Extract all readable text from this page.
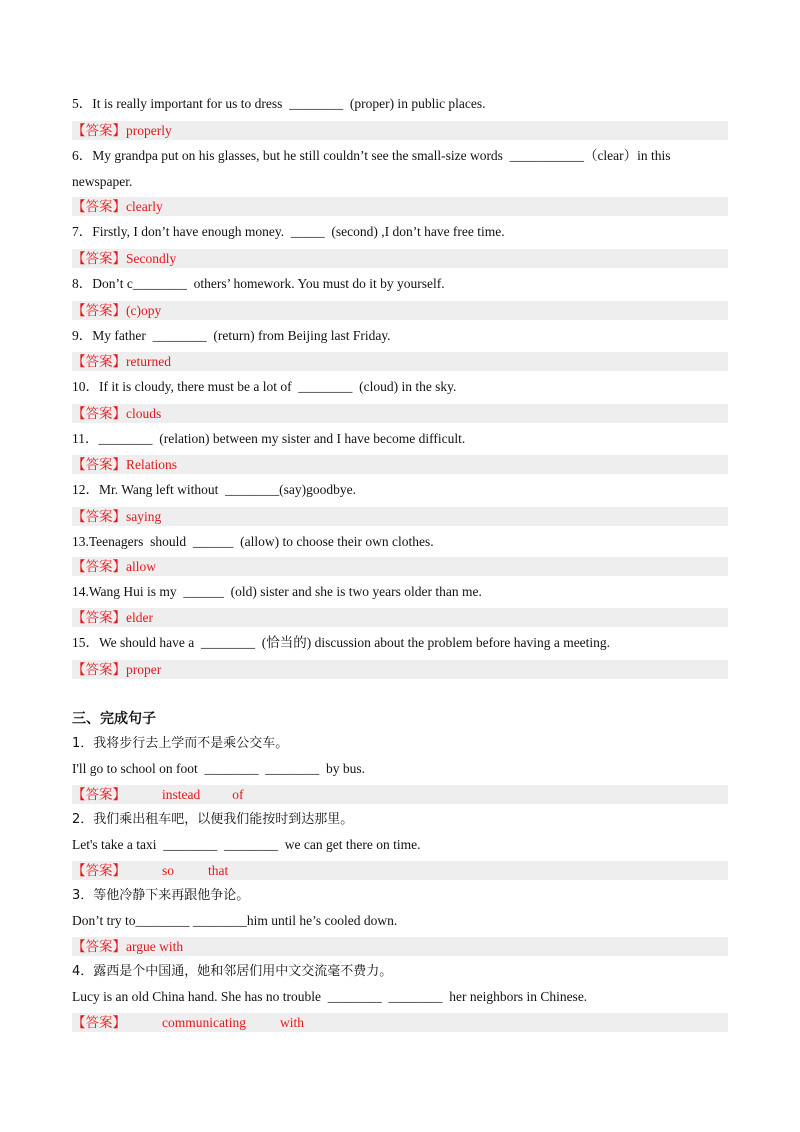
5．It is really important for us to dress  ________  (proper) in public places.
【答案】properly
6．My grandpa put on his glasses, but he still couldn’t see the small-size words  ___________（clear）in this
newspaper.
【答案】clearly
7．Firstly, I don’t have enough money.  _____  (second) ,I don’t have free time.
【答案】Secondly
8．Don’t c________  others’ homework. You must do it by yourself.
【答案】(c)opy
9．My father  ________  (return) from Beijing last Friday.
【答案】returned
10．If it is cloudy, there must be a lot of  ________  (cloud) in the sky.
【答案】clouds
11．________  (relation) between my sister and I have become difficult.
【答案】Relations
12．Mr. Wang left without  ________(say)goodbye.
【答案】saying
13.Teenagers  should  ______  (allow) to choose their own clothes.
【答案】allow
14.Wang Hui is my  ______  (old) sister and she is two years older than me.
【答案】elder
15．We should have a  ________  (恰当的) discussion about the problem before having a meeting.
【答案】proper
三、完成句子
1．我将步行去上学而不是乘公交车。
I'll go to school on foot  ________  ________  by bus.
【答案】	instead of
2．我们乘出租车吧，以便我们能按时到达那里。
Let's take a taxi  ________  ________  we can get there on time.
【答案】	so	that
3．等他冷静下来再跟他争论。
Don’t try to________ ________him until he’s cooled down.
【答案】argue with
4．露西是个中国通，她和邻居们用中文交流毫不费力。
Lucy is an old China hand. She has no trouble  ________  ________  her neighbors in Chinese.
【答案】	communicating	with
